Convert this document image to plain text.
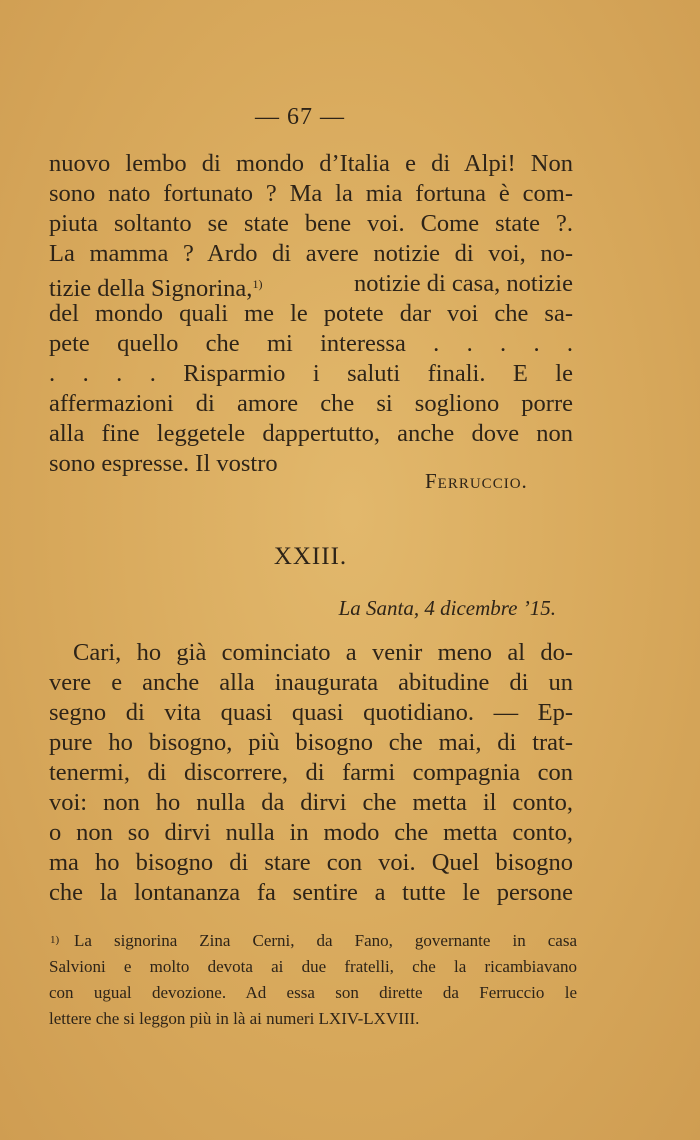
— 67 —
nuovo lembo di mondo d’Italia e di Alpi! Non
sono nato fortunato ? Ma la mia fortuna è com-
piuta soltanto se state bene voi. Come state ?.
La mamma ? Ardo di avere notizie di voi, no-
tizie della Signorina,$^{1)}$	notizie di casa, notizie
del mondo quali me le potete dar voi che sa-
pete quello che mi interessa . . . . .
. . . . Risparmio i saluti finali. E le
affermazioni di amore che si sogliono porre
alla fine leggetele dappertutto, anche dove non
sono espresse. Il vostro
Ferruccio.
XXIII.
La Santa, 4 dicembre ’15.
Cari, ho già cominciato a venir meno al do-
vere e anche alla inaugurata abitudine di un
segno di vita quasi quasi quotidiano. — Ep-
pure ho bisogno, più bisogno che mai, di trat-
tenermi, di discorrere, di farmi compagnia con
voi: non ho nulla da dirvi che metta il conto,
o non so dirvi nulla in modo che metta conto,
ma ho bisogno di stare con voi. Quel bisogno
che la lontananza fa sentire a tutte le persone
1) La signorina Zina Cerni, da Fano, governante in casa
Salvioni e molto devota ai due fratelli, che la ricambiavano
con ugual devozione. Ad essa son dirette da Ferruccio le
lettere che si leggon più in là ai numeri LXIV-LXVIII.
